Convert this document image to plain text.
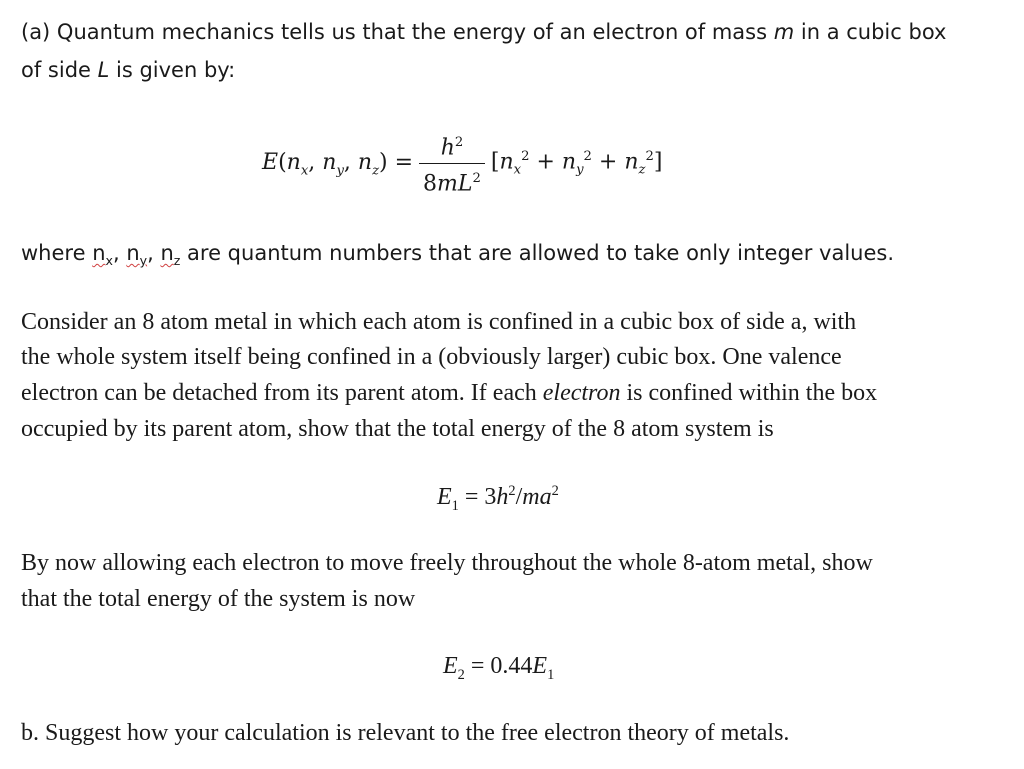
(a) Quantum mechanics tells us that the energy of an electron of mass m in a cubic box
of side L is given by:
$E(n_x$, $n_y$, $n_z) = \frac{h^2}{8mL^2} [n_x^2 + n_y^2 + n_z^2]$
where $n_x$, $n_y$, $n_z$ are quantum numbers that are allowed to take only integer values.
Consider an 8 atom metal in which each atom is confined in a cubic box of side a, with
the whole system itself being confined in a (obviously larger) cubic box. One valence
electron can be detached from its parent atom. If each electron is confined within the box
occupied by its parent atom, show that the total energy of the 8 atom system is
$E_1 = 3h^2/ma^2$
By now allowing each electron to move freely throughout the whole 8-atom metal, show
that the total energy of the system is now
$E_2 = 0.44E_1$
b. Suggest how your calculation is relevant to the free electron theory of metals.
